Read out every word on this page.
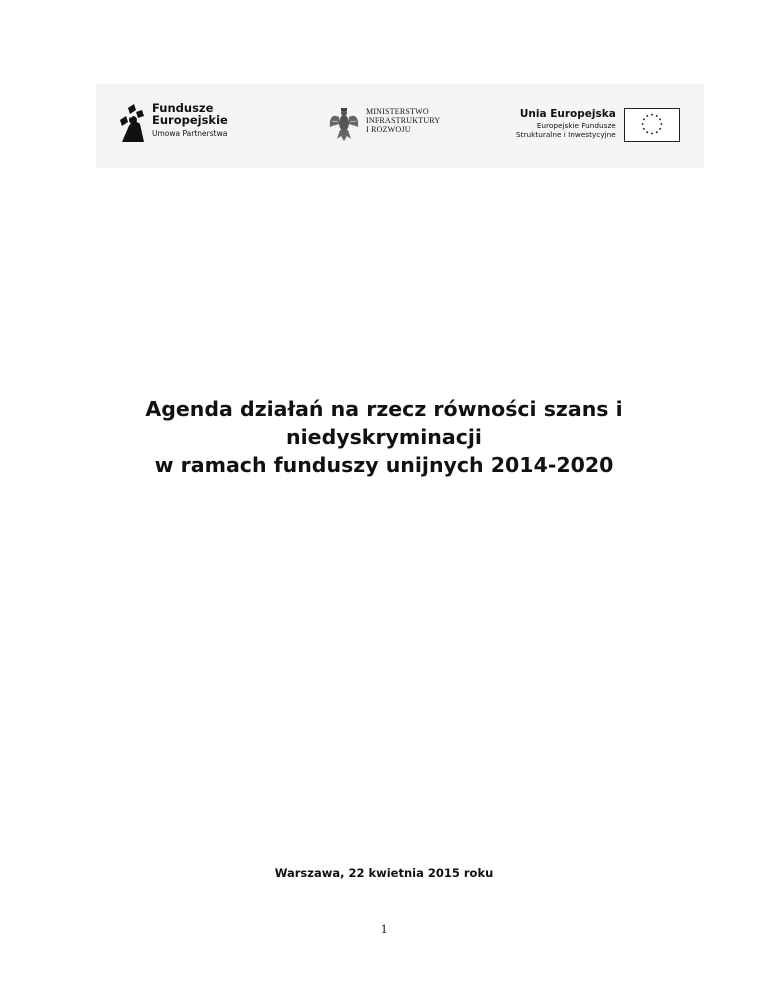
Fundusze
Europejskie
Umowa Partnerstwa
MINISTERSTWO
INFRASTRUKTURY
I ROZWOJU
Unia Europejska
Europejskie Fundusze
Strukturalne i Inwestycyjne
Agenda działań na rzecz równości szans i
niedyskryminacji
w ramach funduszy unijnych 2014-2020
Warszawa, 22 kwietnia 2015 roku
1
